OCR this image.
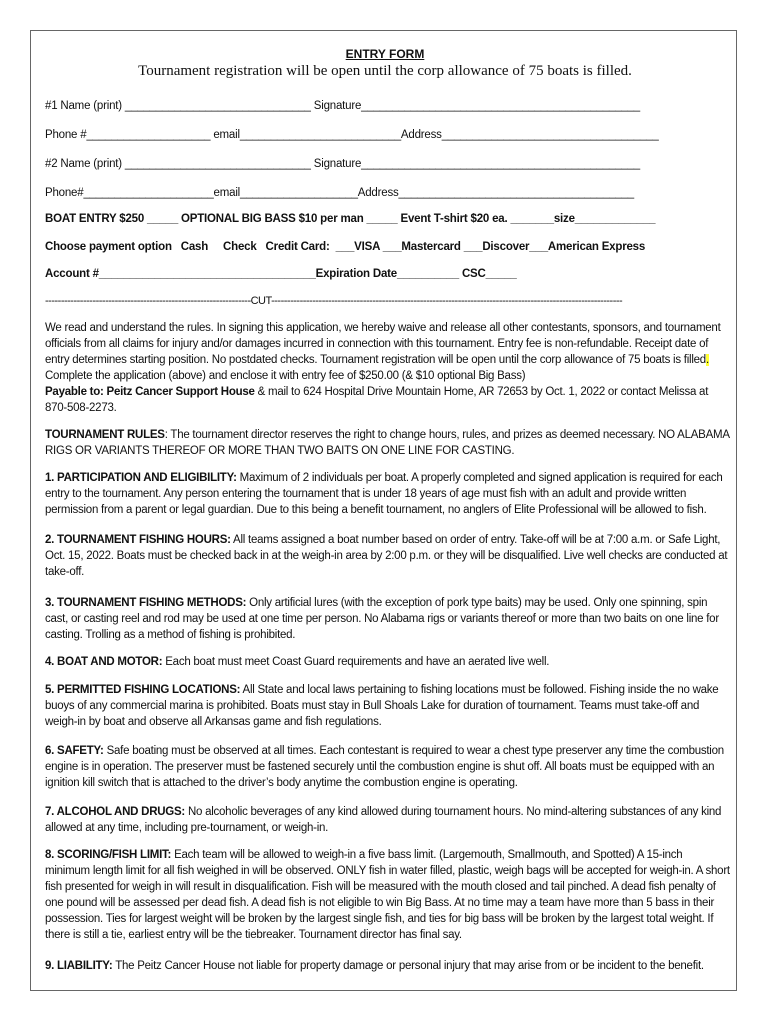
ENTRY FORM
Tournament registration will be open until the corp allowance of 75 boats is filled.
#1 Name (print) ______________________________ Signature_____________________________________________
Phone #____________________ email__________________________Address___________________________________
#2 Name (print) ______________________________ Signature_____________________________________________
Phone#_____________________email___________________Address______________________________________
BOAT ENTRY $250 _____ OPTIONAL BIG BASS $10 per man _____ Event T-shirt $20 ea. _______size_____________
Choose payment option   Cash     Check   Credit Card:  ___VISA ___Mastercard ___Discover___American Express
Account #___________________________________Expiration Date__________ CSC_____
-----------------------------------------------------------------CUT---------------------------------------------------------------------------------------------------------------

We read and understand the rules. In signing this application, we hereby waive and release all other contestants, sponsors, and tournament officials from all claims for injury and/or damages incurred in connection with this tournament. Entry fee is non-refundable. Receipt date of entry determines starting position. No postdated checks. Tournament registration will be open until the corp allowance of 75 boats is filled. Complete the application (above) and enclose it with entry fee of $250.00 (& $10 optional Big Bass)
Payable to: Peitz Cancer Support House & mail to 624 Hospital Drive Mountain Home, AR 72653 by Oct. 1, 2022 or contact Melissa at 870-508-2273.

TOURNAMENT RULES: The tournament director reserves the right to change hours, rules, and prizes as deemed necessary. NO ALABAMA RIGS OR VARIANTS THEREOF OR MORE THAN TWO BAITS ON ONE LINE FOR CASTING.

1. PARTICIPATION AND ELIGIBILITY: Maximum of 2 individuals per boat. A properly completed and signed application is required for each entry to the tournament. Any person entering the tournament that is under 18 years of age must fish with an adult and provide written permission from a parent or legal guardian. Due to this being a benefit tournament, no anglers of Elite Professional will be allowed to fish.

2. TOURNAMENT FISHING HOURS: All teams assigned a boat number based on order of entry. Take-off will be at 7:00 a.m. or Safe Light, Oct. 15, 2022. Boats must be checked back in at the weigh-in area by 2:00 p.m. or they will be disqualified. Live well checks are conducted at take-off.

3. TOURNAMENT FISHING METHODS: Only artificial lures (with the exception of pork type baits) may be used. Only one spinning, spin cast, or casting reel and rod may be used at one time per person. No Alabama rigs or variants thereof or more than two baits on one line for casting. Trolling as a method of fishing is prohibited.

4. BOAT AND MOTOR: Each boat must meet Coast Guard requirements and have an aerated live well.

5. PERMITTED FISHING LOCATIONS: All State and local laws pertaining to fishing locations must be followed. Fishing inside the no wake buoys of any commercial marina is prohibited. Boats must stay in Bull Shoals Lake for duration of tournament. Teams must take-off and weigh-in by boat and observe all Arkansas game and fish regulations.

6. SAFETY: Safe boating must be observed at all times. Each contestant is required to wear a chest type preserver any time the combustion engine is in operation. The preserver must be fastened securely until the combustion engine is shut off. All boats must be equipped with an ignition kill switch that is attached to the driver’s body anytime the combustion engine is operating.

7. ALCOHOL AND DRUGS: No alcoholic beverages of any kind allowed during tournament hours. No mind-altering substances of any kind allowed at any time, including pre-tournament, or weigh-in.

8. SCORING/FISH LIMIT: Each team will be allowed to weigh-in a five bass limit. (Largemouth, Smallmouth, and Spotted) A 15-inch minimum length limit for all fish weighed in will be observed. ONLY fish in water filled, plastic, weigh bags will be accepted for weigh-in. A short fish presented for weigh in will result in disqualification. Fish will be measured with the mouth closed and tail pinched. A dead fish penalty of one pound will be assessed per dead fish. A dead fish is not eligible to win Big Bass. At no time may a team have more than 5 bass in their possession. Ties for largest weight will be broken by the largest single fish, and ties for big bass will be broken by the largest total weight. If there is still a tie, earliest entry will be the tiebreaker. Tournament director has final say.

9. LIABILITY: The Peitz Cancer House not liable for property damage or personal injury that may arise from or be incident to the benefit.
